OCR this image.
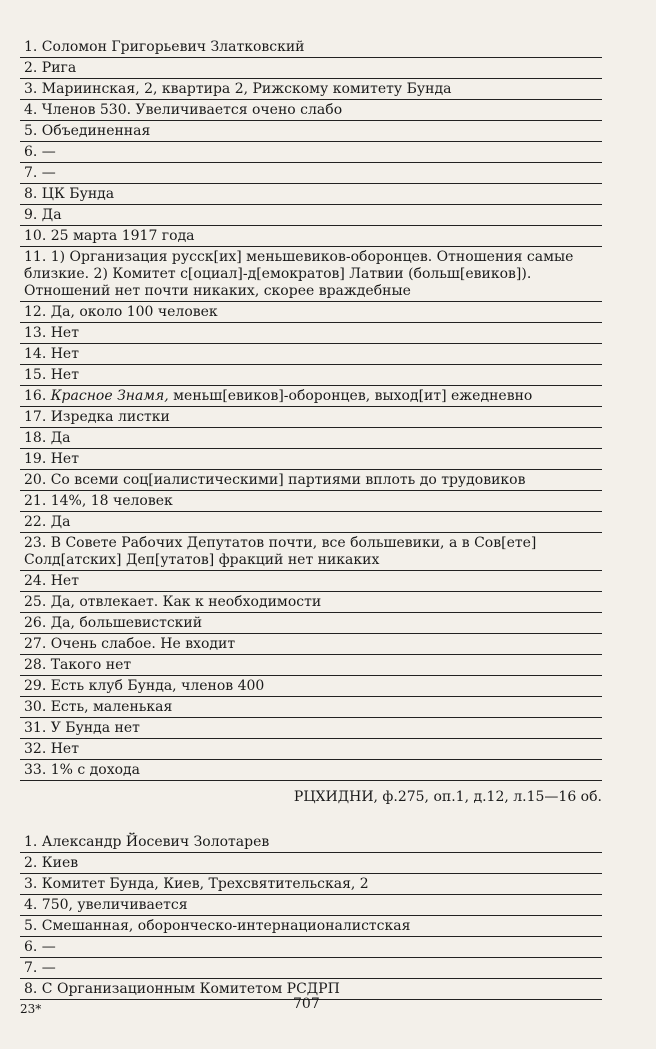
1. Соломон Григорьевич Златковский
2. Рига
3. Мариинская, 2, квартира 2, Рижскому комитету Бунда
4. Членов 530. Увеличивается очено слабо
5. Объединенная
6. —
7. —
8. ЦК Бунда
9. Да
10. 25 марта 1917 года
11. 1) Организация русск[их] меньшевиков-оборонцев. Отношения самые близкие. 2) Комитет с[оциал]-д[емократов] Латвии (больш[евиков]). Отношений нет почти никаких, скорее враждебные
12. Да, около 100 человек
13. Нет
14. Нет
15. Нет
16. Красное Знамя, меньш[евиков]-оборонцев, выход[ит] ежедневно
17. Изредка листки
18. Да
19. Нет
20. Со всеми соц[иалистическими] партиями вплоть до трудовиков
21. 14%, 18 человек
22. Да
23. В Совете Рабочих Депутатов почти, все большевики, а в Сов[ете] Солд[атских] Деп[утатов] фракций нет никаких
24. Нет
25. Да, отвлекает. Как к необходимости
26. Да, большевистский
27. Очень слабое. Не входит
28. Такого нет
29. Есть клуб Бунда, членов 400
30. Есть, маленькая
31. У Бунда нет
32. Нет
33. 1% с дохода
РЦХИДНИ, ф.275, оп.1, д.12, л.15—16 об.
1. Александр Йосевич Золотарев
2. Киев
3. Комитет Бунда, Киев, Трехсвятительская, 2
4. 750, увеличивается
5. Смешанная, оборонческо-интернационалистская
6. —
7. —
8. С Организационным Комитетом РСДРП
707
23*
